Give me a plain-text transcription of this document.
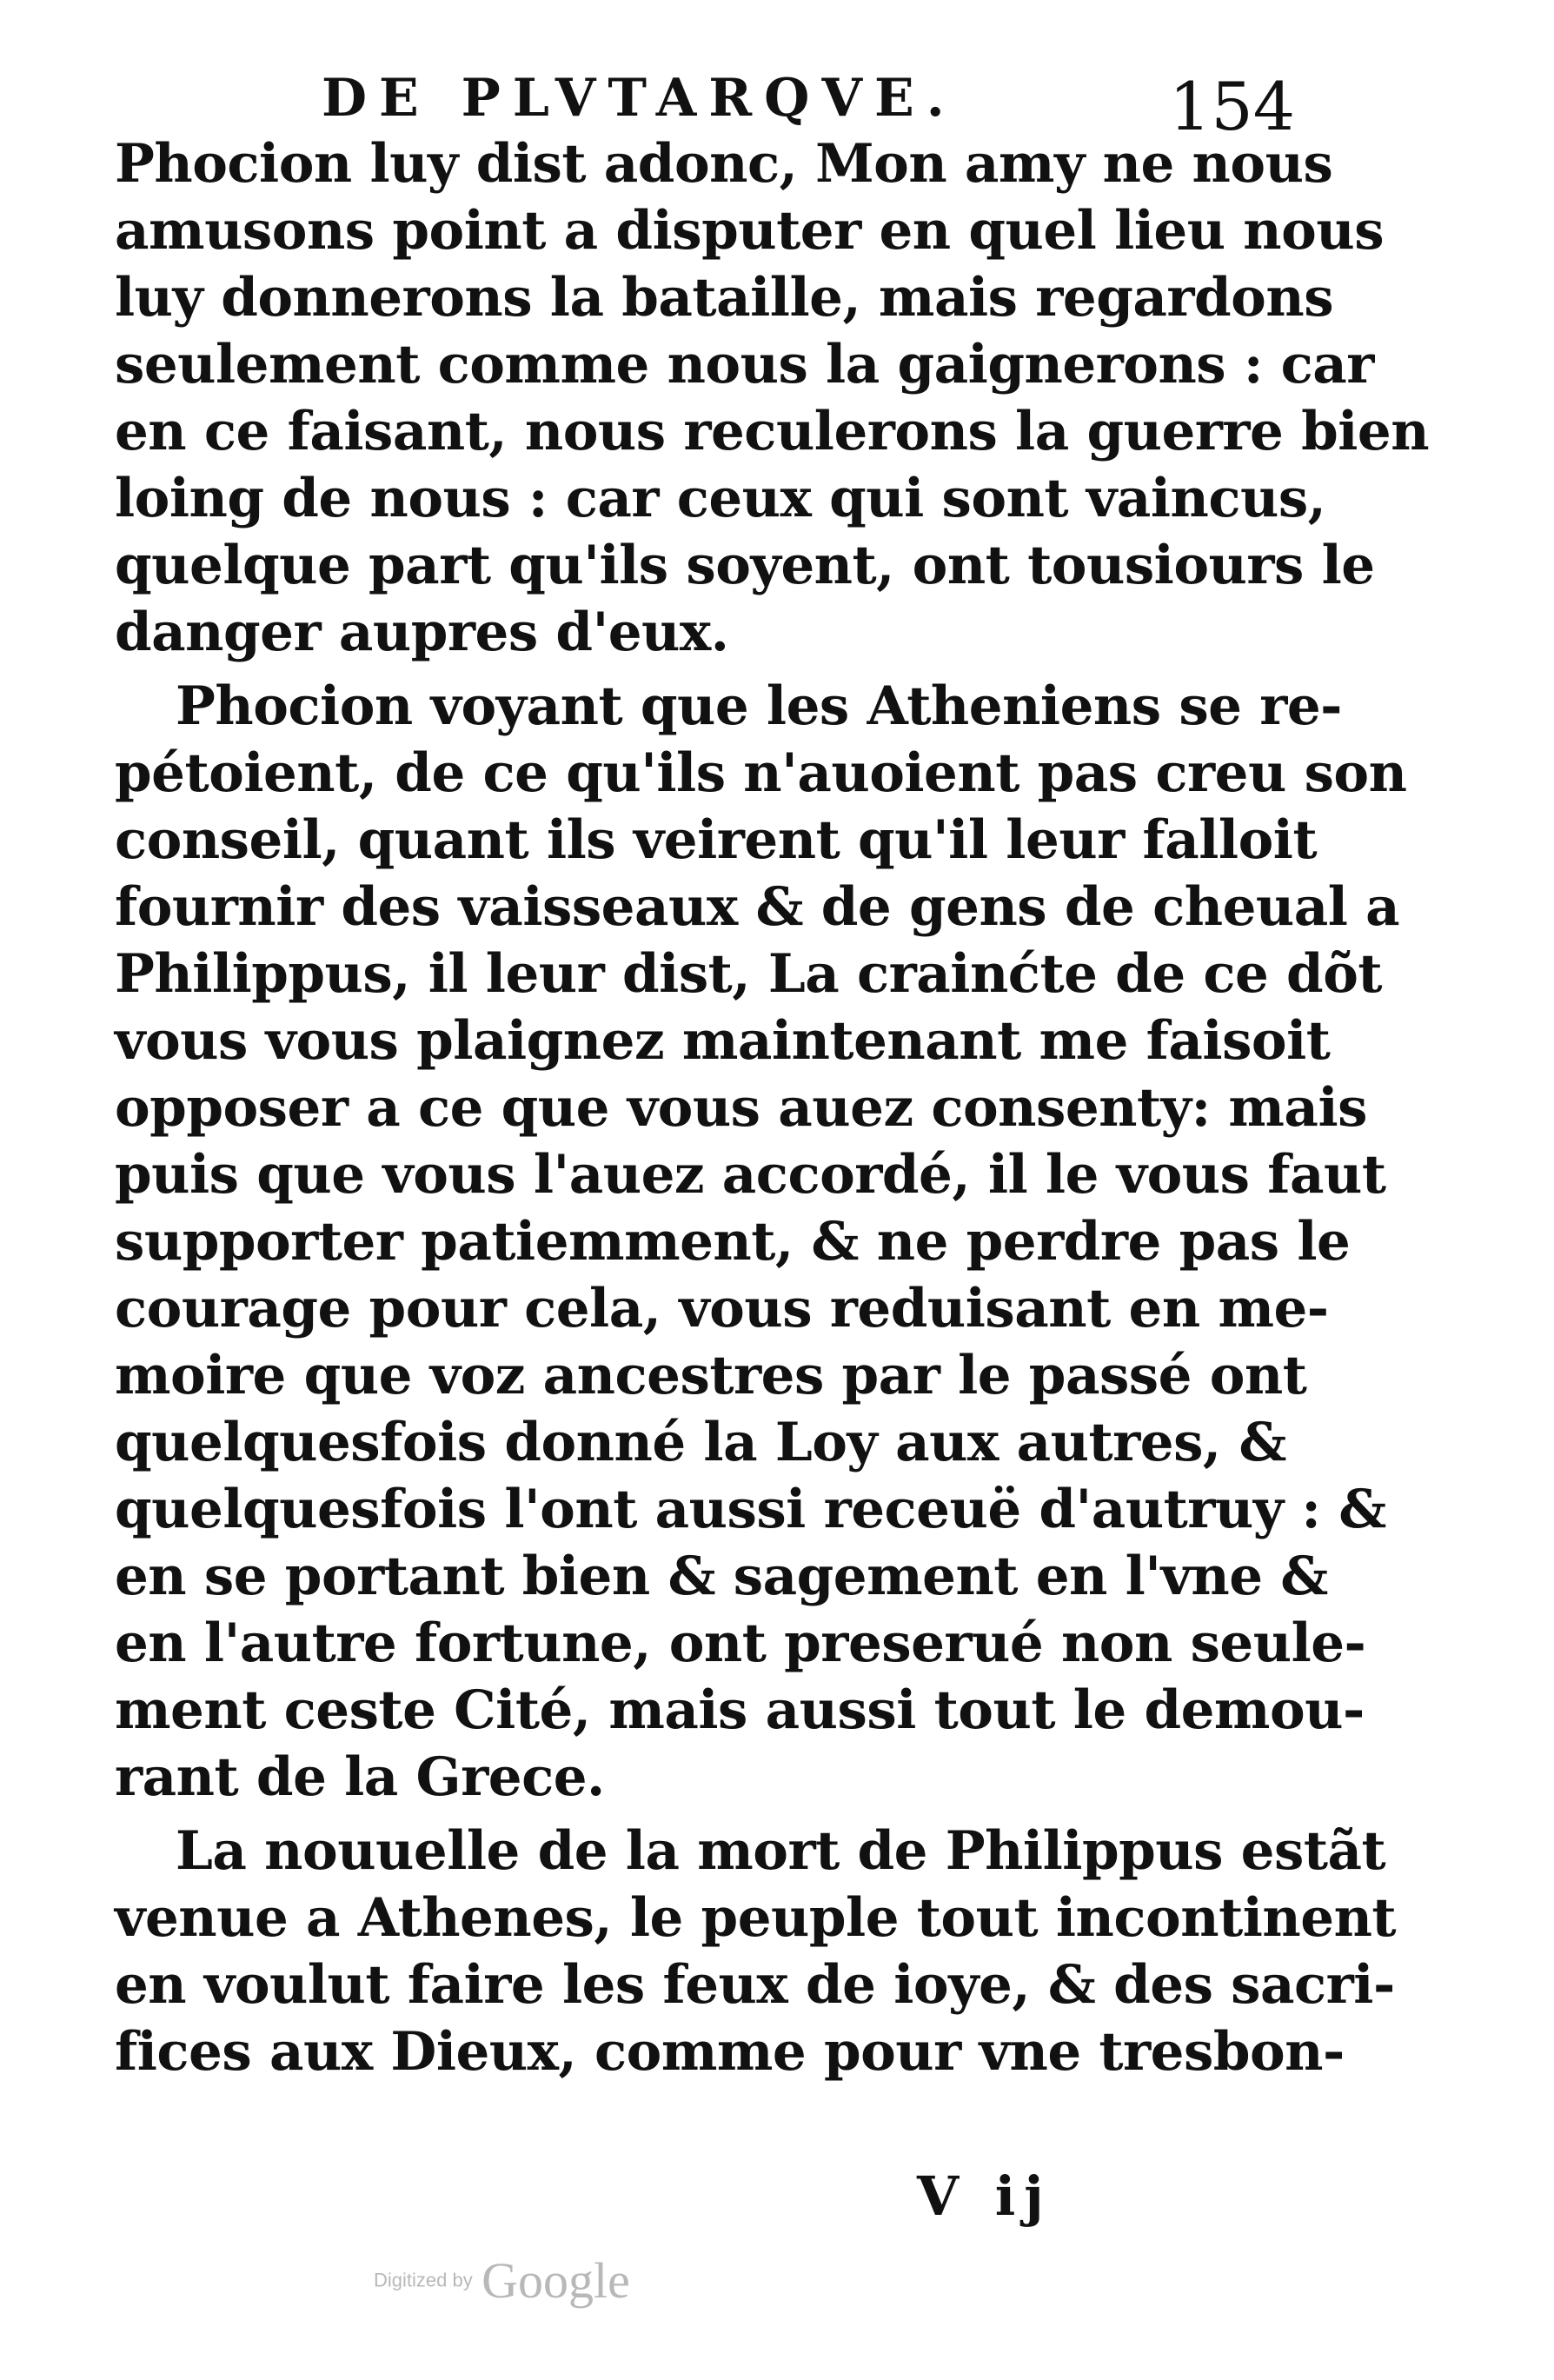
DE PLVTARQVE.	154
Phocion luy dist adonc, Mon amy ne nous
amusons point a disputer en quel lieu nous
luy donnerons la bataille, mais regardons
seulement comme nous la gaignerons : car
en ce faisant, nous reculerons la guerre bien
loing de nous : car ceux qui sont vaincus,
quelque part qu'ils soyent, ont tousiours le
danger aupres d'eux.
Phocion voyant que les Atheniens se re-
pétoient, de ce qu'ils n'auoient pas creu son
conseil, quant ils veirent qu'il leur falloit
fournir des vaisseaux & de gens de cheual a
Philippus, il leur dist, La crainćte de ce dõt
vous vous plaignez maintenant me faisoit
opposer a ce que vous auez consenty: mais
puis que vous l'auez accordé, il le vous faut
supporter patiemment, & ne perdre pas le
courage pour cela, vous reduisant en me-
moire que voz ancestres par le passé ont
quelquesfois donné la Loy aux autres, &
quelquesfois l'ont aussi receuë d'autruy : &
en se portant bien & sagement en l'vne &
en l'autre fortune, ont preserué non seule-
ment ceste Cité, mais aussi tout le demou-
rant de la Grece.
La nouuelle de la mort de Philippus estãt
venue a Athenes, le peuple tout incontinent
en voulut faire les feux de ioye, & des sacri-
fices aux Dieux, comme pour vne tresbon-
V ij
Digitized by Google
